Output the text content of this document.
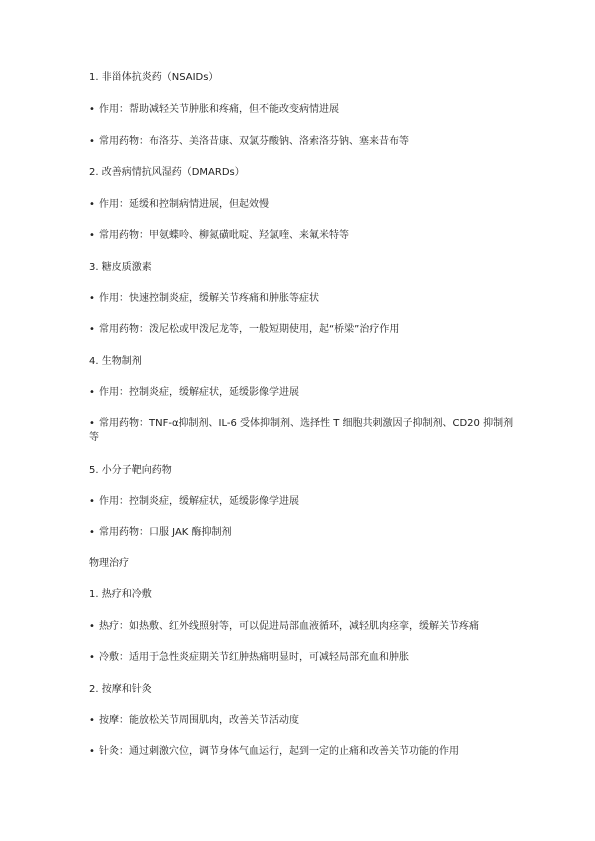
1. 非甾体抗炎药（NSAIDs）
• 作用：帮助减轻关节肿胀和疼痛，但不能改变病情进展
• 常用药物：布洛芬、美洛昔康、双氯芬酸钠、洛索洛芬钠、塞来昔布等
2. 改善病情抗风湿药（DMARDs）
• 作用：延缓和控制病情进展，但起效慢
• 常用药物：甲氨蝶呤、柳氮磺吡啶、羟氯喹、来氟米特等
3. 糖皮质激素
• 作用：快速控制炎症，缓解关节疼痛和肿胀等症状
• 常用药物：泼尼松或甲泼尼龙等，一般短期使用，起“桥梁”治疗作用
4. 生物制剂
• 作用：控制炎症，缓解症状，延缓影像学进展
• 常用药物：TNF-α抑制剂、IL-6 受体抑制剂、选择性 T 细胞共刺激因子抑制剂、CD20 抑制剂等
5. 小分子靶向药物
• 作用：控制炎症，缓解症状，延缓影像学进展
• 常用药物：口服 JAK 酶抑制剂
物理治疗
1. 热疗和冷敷
• 热疗：如热敷、红外线照射等，可以促进局部血液循环，减轻肌肉痉挛，缓解关节疼痛
• 冷敷：适用于急性炎症期关节红肿热痛明显时，可减轻局部充血和肿胀
2. 按摩和针灸
• 按摩：能放松关节周围肌肉，改善关节活动度
• 针灸：通过刺激穴位，调节身体气血运行，起到一定的止痛和改善关节功能的作用
